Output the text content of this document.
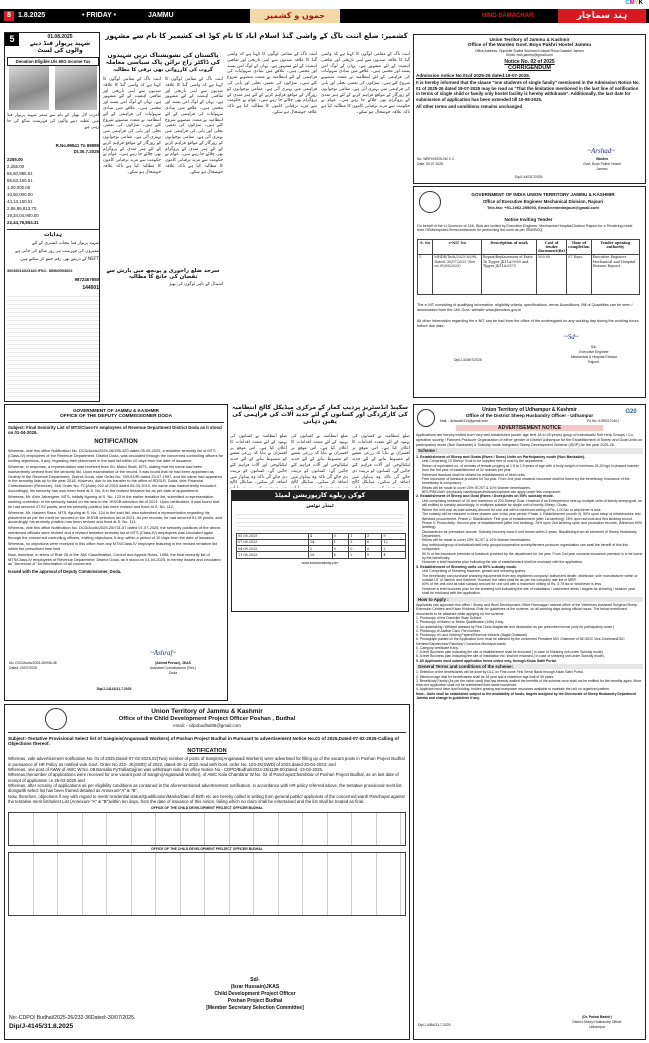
CMYK
8	1.8.2025	• FRIDAY •	JAMMU	جموں و کشمیر	HIND SAMACHAR	ہند سماچار
5	01.08.2025
شہید پریوار فنڈ دینے والوں کی لسٹ
Donation Eligible U/s 80G Income Tax
امرت لال بھیل کے نام سے سمر شہید پریوار فنڈ میں عطیہ دینے والوں کی فہرست شائع کی جا رہی ہے
R.No.99841 To 99889
Dt.30.7.2025
2255.00
2,255.00
55,60,895.61
55,63,150.61
1,00,000.00
10,50,000.00
44,13,150.61
2,86,86,813.70
19,34,04,900.00
22,44,76,864.31
ہدایات
شہید پریوار فنڈ پنجاب کیسری کے لئے
ممبروں کی فہرست ہر روز شائع کی جاتی ہے
NEFT کے ذریعے بھی رقم جمع کر سکتے ہیں
30036016023183 IFSC: SBIN0003602
9872457650
144001
کشمیر: ضلع اننت ناگ کے واشی گنڈ اسلام آباد کا نام کوڈ آف کشمیر کا نام سے مشہور
پاکستان کی تشویشناک ترین شہیدوں کی ڈاکٹر راج نرائن پاک سیاسی معاملہ
گروپ کی کارروائی بھی ترقی کا مطالبہ
اننت ناگ کے مقامی لوگوں کا کہنا ہے کہ واشی گنڈ کا علاقہ صدیوں سے اپنی تاریخی اور ثقافتی اہمیت کے لئے مشہور ہے۔ یہاں کے لوگ امن پسند اور محنتی ہیں۔ علاقے میں بنیادی سہولیات کی فراہمی کے لئے انتظامیہ نے متعدد منصوبے شروع کئے ہیں۔ سڑکوں کی تعمیر، بجلی اور پانی کی فراہمی میں بہتری آئی ہے۔ مقامی نوجوانوں کو روزگار کے مواقع فراہم کرنے کے لئے ہنر مندی کے پروگرام بھی چلائے جا رہے ہیں۔ عوام نے حکومت سے مزید ترقیاتی کاموں کا مطالبہ کیا ہے تاکہ علاقہ خوشحال ہو سکے۔
اننت ناگ کے مقامی لوگوں کا کہنا ہے کہ واشی گنڈ کا علاقہ صدیوں سے اپنی تاریخی اور ثقافتی اہمیت کے لئے مشہور ہے۔ یہاں کے لوگ امن پسند اور محنتی ہیں۔ علاقے میں بنیادی سہولیات کی فراہمی کے لئے انتظامیہ نے متعدد منصوبے شروع کئے ہیں۔ سڑکوں کی تعمیر، بجلی اور پانی کی فراہمی میں بہتری آئی ہے۔ مقامی نوجوانوں کو روزگار کے مواقع فراہم کرنے کے لئے ہنر مندی کے پروگرام بھی چلائے جا رہے ہیں۔ عوام نے حکومت سے مزید ترقیاتی کاموں کا مطالبہ کیا ہے تاکہ علاقہ خوشحال ہو سکے۔
اننت ناگ کے مقامی لوگوں کا کہنا ہے کہ واشی گنڈ کا علاقہ صدیوں سے اپنی تاریخی اور ثقافتی اہمیت کے لئے مشہور ہے۔ یہاں کے لوگ امن پسند اور محنتی ہیں۔ علاقے میں بنیادی سہولیات کی فراہمی کے لئے انتظامیہ نے متعدد منصوبے شروع کئے ہیں۔ سڑکوں کی تعمیر، بجلی اور پانی کی فراہمی میں بہتری آئی ہے۔ مقامی نوجوانوں کو روزگار کے مواقع فراہم کرنے کے لئے ہنر مندی کے پروگرام بھی چلائے جا رہے ہیں۔ عوام نے حکومت سے مزید ترقیاتی کاموں کا مطالبہ کیا ہے تاکہ علاقہ خوشحال ہو سکے۔
اننت ناگ کے مقامی لوگوں کا کہنا ہے کہ واشی گنڈ کا علاقہ صدیوں سے اپنی تاریخی اور ثقافتی اہمیت کے لئے مشہور ہے۔ یہاں کے لوگ امن پسند اور محنتی ہیں۔ علاقے میں بنیادی سہولیات کی فراہمی کے لئے انتظامیہ نے متعدد منصوبے شروع کئے ہیں۔ سڑکوں کی تعمیر، بجلی اور پانی کی فراہمی میں بہتری آئی ہے۔ مقامی نوجوانوں کو روزگار کے مواقع فراہم کرنے کے لئے ہنر مندی کے پروگرام بھی چلائے جا رہے ہیں۔ عوام نے حکومت سے مزید ترقیاتی کاموں کا مطالبہ کیا ہے تاکہ علاقہ خوشحال ہو سکے۔
سرحد ضلع راجوری و پونچھ میں بارش سے نقصان کی جانچ کا مطالبہ
اسپتال کے باہر لوگوں کی بھیڑ
Union Territory of Jammu & Kashmir
Office of the Warden Govt. Boys Pakhri Hostel Jammu
Office Address: Opposite Sudha Soomani Kotwari Rosa Dastakh Jammu
Email: bwh.jammu@gmail.com
Notice No. 02 of 2025
CORRIGENDUM
Admission notice No.01of 2025-26 dated.19-07-2025.
It is hereby informed that the clause "one students of single family" mentioned in the Admission Notice No. 01 of 2025-26 dated 19-07-2025 may be read as "That the limitation mentioned in the last line of notification in terms of single child or family only hostel facility is hereby withdrawn". Additionally, the last date for submission of application has been extended till 10-08-2025.
All other terms and conditions remains unchanged
~Arshad~
No. WBPH/2025-26/ X 2..
Date: 30.07.2025
Warden
Govt. Boys Pakhri Hostel
Jammu
Dip/J-4403/7/2025
GOVERNMENT OF INDIA UNION TERRITORY JAMMU & KASHMIR
Office of Executive Engineer Mechanical Division, Rajouri
Tele-fax: +91-1962-295093, Email:eemedrajouri@gmail.com
Notice Inviting Tender
On behalf of the Lt Governor of J&K, Bids are invited by Executive Engineer, Mechanical Hospital Division Rajouri for e-Tendering mode from OEMs/reputed firms/contractors for performing the work as per SBD/BOQ.
S. No	e-NIT No	Description of work	Cost of tender document(Rs)	Time of completion	Tender opening authority
1	MHDR/Tech/2025-26/98, Dated: 30/07/2025 (See on 01/08/2025)	Repair/Replacement of Parts To Tipper JK11A-9950 and Tipper JK11A-0375	500.00	07 Days	Executive Engineer Mechanical and Hospital Division Rajouri
The e-NIT consisting of qualifying information, eligibility criteria, specifications, terms &conditions, Bill of Quantities can be seen / downloaded from the J&K Govt. website www.jktenders.gov.in
All other information regarding the e-NIT can be had from the office of the undersigned on any working day during the working hours before due date.
~Sd~
Sd/-
Executive Engineer
Mechanical & Hospital Division
Rajouri.
Dip/J-4169/7/2025
GOVERNMENT OF JAMMU & KASHMIR
OFFICE OF THE DEPUTY COMMISSIONER DODA
Subject: Final Seniority List of MTS/Class-IV employees of Revenue Department District Doda as it stood on 01-04-2025.
NOTIFICATION
Whereas, vide this office Notification No. DCD/Accts/2025-26/295-320 dated 05-05-2025, a tentative seniority list of MTS (Class-IV) employees of the Revenue Department, District Doda, was circulated through the concerned controlling officers for inviting objections, if any, regarding their placement in the said list within 10 days from the date of issuance;
Whereas, in response, a representation was received from Sh. Mohd Shafi, MTS, stating that his name had been inadvertently omitted from the seniority list. Upon examination of the record, it was found that he had been appointed as Orderly in the Revenue Department, District Doda, vide Order No. 769-91/RI dated 23-07-1997, and his name had appeared in the seniority lists up to the year 2018. However, due to his transfer to the office of RDSLR, Doda, vide Financial Commissioner (Revenue), J&K Order No. FC(Adm) 202 of 2019 dated 04-03-2019, his name was inadvertently excluded. Accordingly, his seniority has now been fixed at S. No. 8 in the revised tentative list as per date of appointment.
Whereas, Mr. Amir Jahangeer, MTS, initially figuring at S. No. 123 in the earlier tentative list, submitted a representation seeking correction of his seniority based on his rank in the JKSSB selection list of 2021. Upon verification, it was found that he had secured 47.92 points, and his seniority position has been revised and fixed at S. No. 112;
Whereas, Mr. Haseeb Raza, MTS, figuring at S. No. 124 in the said list, also submitted a representation regarding his placement as per the merit he secured in the JKSSB selection list of 2021. As per records, he had secured 51.99 points, and accordingly, his seniority position has been revised and fixed at S. No. 111;
Whereas, vide this office Notification No. DCD/Accts/2025-26/731-57 dated 07-07-2025, the seniority positions of the above-mentioned officials were revised and a revised tentative seniority list of MTS (Class-IV) employees was circulated again through the concerned controlling officers, inviting objections, if any, within a period of 10 days from the date of issuance.
Whereas, no objections were received in this office from any MTS/Class-IV employee featuring in the revised tentative list within the prescribed time limit.
Now, therefore, in terms of Rule 26 of the J&K Classification, Control and Appeal Rules, 1956, the final seniority list of MTS/Class-IV employees of Revenue Department, District Doda, as it stood on 01-04-2025, is hereby issued and circulated as "Annexure-A" for information of all concerned.
Issued with the approval of Deputy Commissioner, Doda.
No: DCD/Accts/2025-26/906-36
Dated: 29/07/2025
~Ashraf~
(Ashraf Pervaz), JKAS
Assistant Commissioner (Rev.)
Doda
Dip/J-14141/31.7.2025
سکینڈ انڈسٹریز پردیپ کمار کے مرکزی میڈیکل کالج انتظامیہ کی کارکردگی اور کسانوں کے لئے جدید آلات کی فراہمی کی یقین دہانی
ضلع انتظامیہ نے کسانوں کی بہبود کے لئے متعدد اقدامات کا اعلان کیا ہے۔ اس موقع پر افسران نے بتایا کہ زرعی شعبے کو مضبوط بنانے کے لئے جدید ٹیکنالوجی اور آلات فراہم کئے جائیں گے۔ کسانوں کو تربیت دی جائے گی تاکہ وہ پیداوار میں اضافہ کر سکیں۔ میڈیکل کالج
ضلع انتظامیہ نے کسانوں کی بہبود کے لئے متعدد اقدامات کا اعلان کیا ہے۔ اس موقع پر افسران نے بتایا کہ زرعی شعبے کو مضبوط بنانے کے لئے جدید ٹیکنالوجی اور آلات فراہم کئے جائیں گے۔ کسانوں کو تربیت دی جائے گی تاکہ وہ پیداوار میں اضافہ کر سکیں۔ میڈیکل کالج
ضلع انتظامیہ نے کسانوں کی بہبود کے لئے متعدد اقدامات کا اعلان کیا ہے۔ اس موقع پر افسران نے بتایا کہ زرعی شعبے کو مضبوط بنانے کے لئے جدید ٹیکنالوجی اور آلات فراہم کئے جائیں گے۔ کسانوں کو تربیت دی جائے گی تاکہ وہ پیداوار میں اضافہ کر سکیں۔ میڈیکل کالج
کوکن ریلوے کارپوریشن لمیٹڈ
ٹینڈر نوٹس
05.08.2025	4	0	1	3	9
07.08.2025	24	1	3	6	12
04.08.2025	2	0	0	0	2
11.08.2025	28	4	2	9	4
www.konkanrailway.com
G20
Union Territory of Udhampur & Kashmir
Office of the District Sheep Husbandry Officer - Udhampur
Mail: - dshoudh313@gmail.com	Ph No: 01992270401
ADVERTISEMENT NOTICE
Applications are hereby invited from very well-established (under age limit 18 to 55 years) group of individuals/ Self Help Groups / Co-operative society / Farmers Producer Organization of either gender of District Udhampur for the Establishment of Sheep and Goat Units on participatory mode (Non Bankable) & Subsidy mode Integrated Sheep Development Scheme (ISDP) for the year 2025-26.
Scheme :
1. Establishment of Sheep and Goats (Ewes / Does) Units on Participatory mode (Non Bankable).
Unit Comprising 10 Sheep/ Goat to be supplied free of cost by the department.
Return of equivalent no. of animals of female progeny at 1.5 to 2.5 years of age with a body weight of minimum 25-30 kgs in phased manner from the 3rd year of establishment of 02 animals per year.
Retrieved livestock shall be utilized for establishment of fresh units.
Free insurance of livestock provided for 1st year. From 2nd year onwards insurance shall be borne by the beneficiary. Insurance of the beneficiary is compulsory.
Efforts will be made to cover 20% SC/ST & 10% Women beneficiaries.
BPL/PWD/AAY /physically handicapped/widows/orphans can apply under this component.
2. Establishment of Sheep and Goat (Ewes / Does)Units on 50% subsidy mode.
Unit comprising minimum of 20 and maximum of 200 Sheep/ Goat. However if an Entrepreneur sets up multiple units of twenty sheep/goat, he will entitled to subsidy accordingly, in multiples suitable for single unit of twenty Sheep / Goats.
Where the unit cost as total subsidy amount for one unit with a maximum ceiling of Rs. 1.00 lac or whichever is less.
The subsidy will be released in three phases over a two year period: Phase 1: Establishment (month 0): 50% upon setup of infrastructure and livestock procurement. Phase 2: Stabilization: First year of establishment (after 1st lambing): 25% upon survival and first lambing record. Phase 3: Productivity: Second year of establishment (after 2nd lambing): 25% upon 2nd lambing cycle and production records. (Minimum 60% lambing).
Disincentives for premature closure: Subsidy recovery done if unit closes within 2 years. Blacklisting from all schemes of Sheep Husbandry Department.
Efforts will be made to cover 20% SC/ST & 10% Women beneficiaries.
Any individual/group of individuals/self-help groups/cooperative society/farmers producer organization can avail the benefit of this this component.
50 % of the insurance premium of livestock provided by the department for 1st year. From 2nd year onwards insurance premium is to be borne by the beneficiary.
However a brief business plan indicating the site of establishment shall be enclosed with the application.
3. Establishment of Shearing units on 50% subsidy mode.
Unit Comprising of Shearing Machine, genset and shearing spares.
The beneficiary can purchase shearing equipments from any registered company/ authorized dealer, distributor, sole manufacturer within or outside UT of Jammu and Kashmir. However the rates shall be as per the company rate list or MRP.
50% of the unit cost as total subsidy amount for one unit with a maximum ceiling of Rs. 0.75 lac or whichever is less.
However a brief business plan for the shearing unit indicating the site of installation / catchment areas / targets for shearing / season/ year shall be enclosed with the application.
How to Apply :
Applicants can approach this office / Sheep and Wool Development Office Ramnagar/ nearest office of the Veterinary Assistant Surgeon/Sheep Extension Centres and Kisan Khidmat Ghar for guidelines of the scheme, on all working days during official hours. The below mentioned documents to be attached while applying for the scheme:
1. Photocopy of the Domicile/ State Subject.
2. Photocopy of Matric/ or Below Qualification (10th) if any.
3. An undertaking / Affidavit attested by First Class Magistrate and declaration as per prescribed format (only for participatory mode.)
4. Photocopy of Aadhar Card, Pan number.
5. Photocopy of Land Holding Papers/Revenue extracts (Nagal Girdawari)
6. Photograph pasted on the Application form must be attested by the concerned President MC/ Chairman of MC/DDC Vice-Chairman/DDC Member/Sarpanches/ Panches/ Councilors Municipal wards
6. Category certificate if any.
7. A brief Business plan indicating the site of establishment shall be enclosed.( in case of Shearing unit under Subsidy mode)
8. A brief Business plan indicating the site of installation etc. shall be enclosed.( in case of shearing unit under Subsidy mode).
9. All Applicants must submit application forms online only, through Kisan Sathi Portal.
General Terms and conditions of the scheme:
1. Selection of the beneficiaries will be done by DLC on First come First Serve Basis through Kisan Sathi Portal.
2. Minimum age limit for beneficiaries shall be 18 year and a maximum age limit of 55 years.
3. Beneficiary Family (As per the ration card) that has already availed the benefits of the scheme once shall not be entitled for the benefits again. More than one application shall not be entertained from same household.
4. Applicant must have land holding, fodder/ grazing and manpower resources available to maintain the unit on organized pattern.
Note:- Units shall be established subject to the availability of funds, targets assigned by the Directorate of Sheep Husbandry Department Jammu and change in guidelines if any.
(Dr. Parkai Bashir)
District Sheep Husbandry Officer
Udhampur
Dip/J-4084/31.7.2025
Union Territory of Jammu & Kashmir
Office of the Child Development Project Officer Poshan , Budhal
email: - cdpobudhal05@gmail.com
Subject:-Tentative Provisional Select list of Sanginis(Anganwadi Workers) of Poshan Project Budhal in Pursuant to advertisement Notice No.01 of 2025,Dated-07-02-2025-Calling of Objections thereof.
NOTIFICATION
Whereas, vide advertisement notification No. 01 of 2025,Dated-07-02-2025,02(Two) number of posts of Sanginis(Anganwadi Workers) were advertised for filling up of the vacant posts in Poshan Project Budhal in pursuance of HR Policy as notified vide Govt. Order No 222- JK(SWD) of 2022, dated-30-11-2022 read with Govt. order No. 103-JK(SWD) of 2023,dated-20-04-2023; and
Whereas, one post of AWW of AWC W.No. 08 Barsalla PyTrallaGujjran was withdrawn vide this office Notice No.- CDPO/Budhal/2024-25/1138-50,Dated:-13-02-2025.
Whereas,thenumber of applications were received for one vacant post of Sangini(Angaswadi Worker), of AWC Kala Chambtrar W.No. 02 of PanchayatChambtrar of Poshan Project Budhal, as on last date of receipt of application i.e 25-02-2025 and
Whereas, after scrutiny of applications as per eligibility conditions as contained in the aforementioned advertisement notification, in accordance with HR policy referred above, the tentative provisional merit list alongwith select list has been framed detailed as Annexure"A" & "B".
Now, therefore, objections if any with regard to merit/ residential status/Qualification/Marks/Date of Birth etc are hereby called in writing from general public/ applicants of the concerned ward/ Panchayat against the tentative merit list/select List (Annexure "A" & "B")within ten days, from the date of issuance of this notice, failing which no claim shall be entertained and the list shall be treated as final.
OFFICE OF THE CHILD DEVELOPMENT PROJECT OFFICER BUDHAL
OFFICE OF THE CHILD DEVELOPMENT PROJECT OFFICER BUDHAL
Sd/-
(Israr Hussain)JKAS
Child Development Project Officer
Poshan Project Budhal
[Member Secretary Selection Committee]
No:-CDPO/ Budhal/2025-26/232-36Dated:-30/07/2025.
Dip/J-4145/31.8.2025
